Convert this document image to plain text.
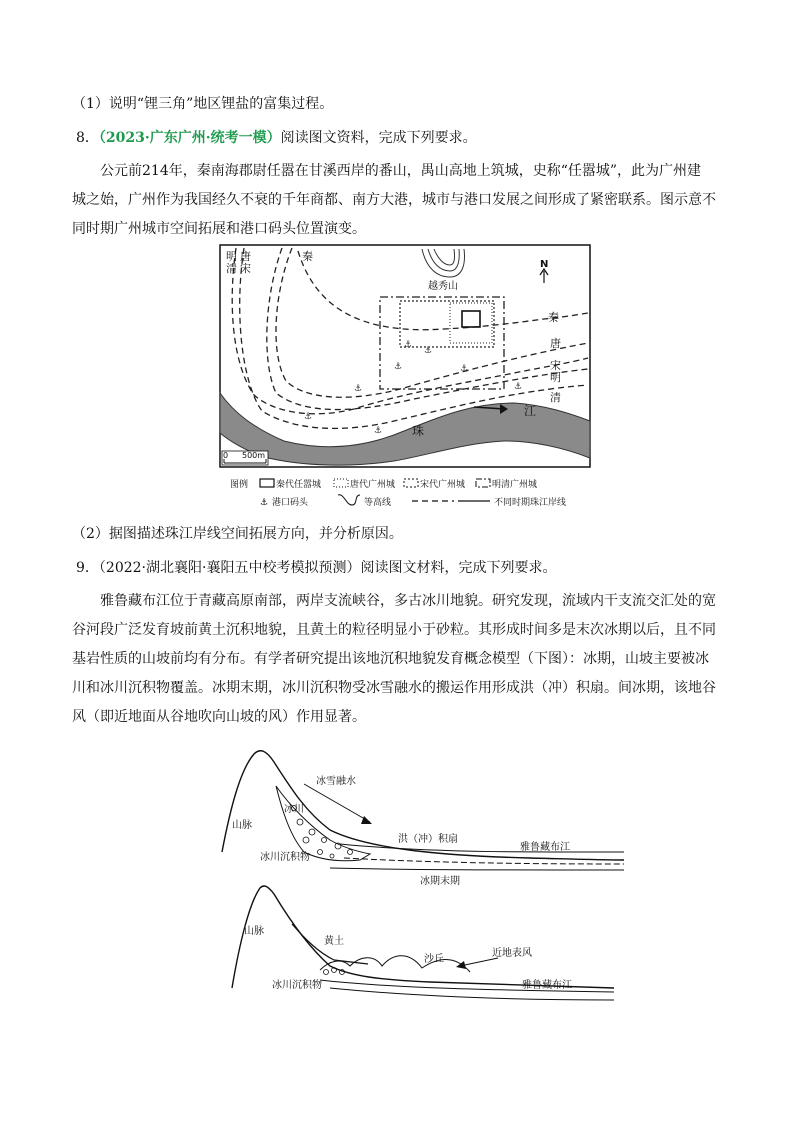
（1）说明“锂三角”地区锂盐的富集过程。
8．（2023·广东广州·统考一模）阅读图文资料，完成下列要求。
公元前214年，秦南海郡尉任嚣在甘溪西岸的番山，禺山高地上筑城，史称“任嚣城”，此为广州建
城之始，广州作为我国经久不衰的千年商都、南方大港，城市与港口发展之间形成了紧密联系。图示意不
同时期广州城市空间拓展和港口码头位置演变。
越秀山
N
⚓
⚓
⚓
⚓
⚓
⚓
⚓
⚓
明
清
唐
宋
秦
秦
唐
宋
明
清
江
珠
0 500m
图例	秦代任嚣城	唐代广州城	宋代广州城	明清广州城
⚓ 港口码头	等高线	不同时期珠江岸线
（2）据图描述珠江岸线空间拓展方向，并分析原因。
9．（2022·湖北襄阳·襄阳五中校考模拟预测）阅读图文材料，完成下列要求。
雅鲁藏布江位于青藏高原南部，两岸支流峡谷，多古冰川地貌。研究发现，流域内干支流交汇处的宽
谷河段广泛发育坡前黄土沉积地貌，且黄土的粒径明显小于砂粒。其形成时间多是末次冰期以后，且不同
基岩性质的山坡前均有分布。有学者研究提出该地沉积地貌发育概念模型（下图）：冰期，山坡主要被冰
川和冰川沉积物覆盖。冰期末期，冰川沉积物受冰雪融水的搬运作用形成洪（冲）积扇。间冰期，该地谷
风（即近地面从谷地吹向山坡的风）作用显著。
山脉
冰雪融水
冰川
洪（冲）积扇
冰川沉积物
雅鲁藏布江
冰期末期
山脉
黄土
沙丘
近地表风
冰川沉积物	雅鲁藏布江
